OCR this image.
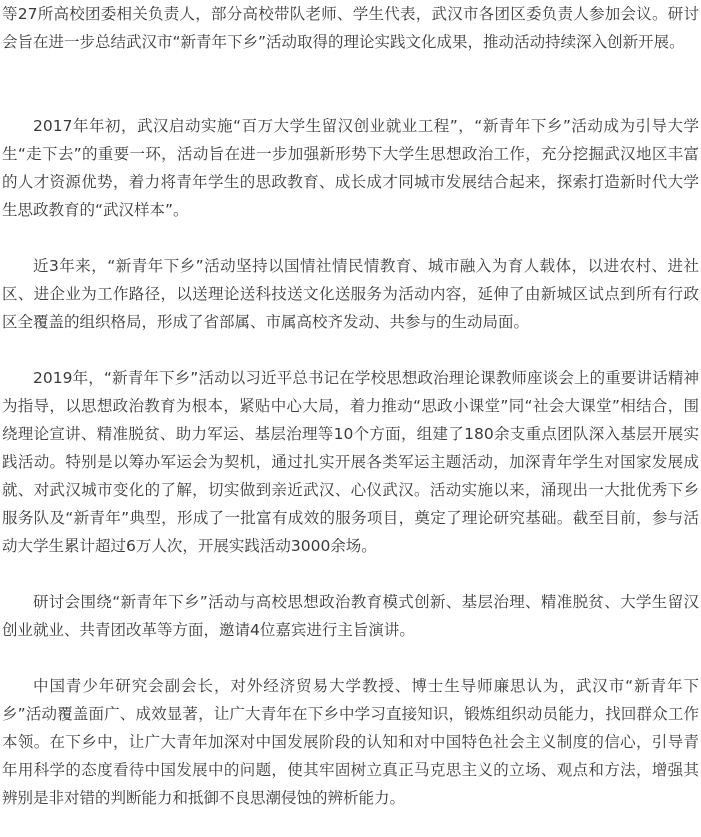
等27所高校团委相关负责人，部分高校带队老师、学生代表，武汉市各团区委负责人参加会议。研讨会旨在进一步总结武汉市“新青年下乡”活动取得的理论实践文化成果，推动活动持续深入创新开展。

2017年年初，武汉启动实施“百万大学生留汉创业就业工程”，“新青年下乡”活动成为引导大学生“走下去”的重要一环，活动旨在进一步加强新形势下大学生思想政治工作，充分挖掘武汉地区丰富的人才资源优势，着力将青年学生的思政教育、成长成才同城市发展结合起来，探索打造新时代大学生思政教育的“武汉样本”。

近3年来，“新青年下乡”活动坚持以国情社情民情教育、城市融入为育人载体，以进农村、进社区、进企业为工作路径，以送理论送科技送文化送服务为活动内容，延伸了由新城区试点到所有行政区全覆盖的组织格局，形成了省部属、市属高校齐发动、共参与的生动局面。

2019年，“新青年下乡”活动以习近平总书记在学校思想政治理论课教师座谈会上的重要讲话精神为指导，以思想政治教育为根本，紧贴中心大局，着力推动“思政小课堂”同“社会大课堂”相结合，围绕理论宣讲、精准脱贫、助力军运、基层治理等10个方面，组建了180余支重点团队深入基层开展实践活动。特别是以筹办军运会为契机，通过扎实开展各类军运主题活动，加深青年学生对国家发展成就、对武汉城市变化的了解，切实做到亲近武汉、心仪武汉。活动实施以来，涌现出一大批优秀下乡服务队及“新青年”典型，形成了一批富有成效的服务项目，奠定了理论研究基础。截至目前，参与活动大学生累计超过6万人次，开展实践活动3000余场。

研讨会围绕“新青年下乡”活动与高校思想政治教育模式创新、基层治理、精准脱贫、大学生留汉创业就业、共青团改革等方面，邀请4位嘉宾进行主旨演讲。

中国青少年研究会副会长，对外经济贸易大学教授、博士生导师廉思认为，武汉市“新青年下乡”活动覆盖面广、成效显著，让广大青年在下乡中学习直接知识，锻炼组织动员能力，找回群众工作本领。在下乡中，让广大青年加深对中国发展阶段的认知和对中国特色社会主义制度的信心，引导青年用科学的态度看待中国发展中的问题，使其牢固树立真正马克思主义的立场、观点和方法，增强其辨别是非对错的判断能力和抵御不良思潮侵蚀的辨析能力。
